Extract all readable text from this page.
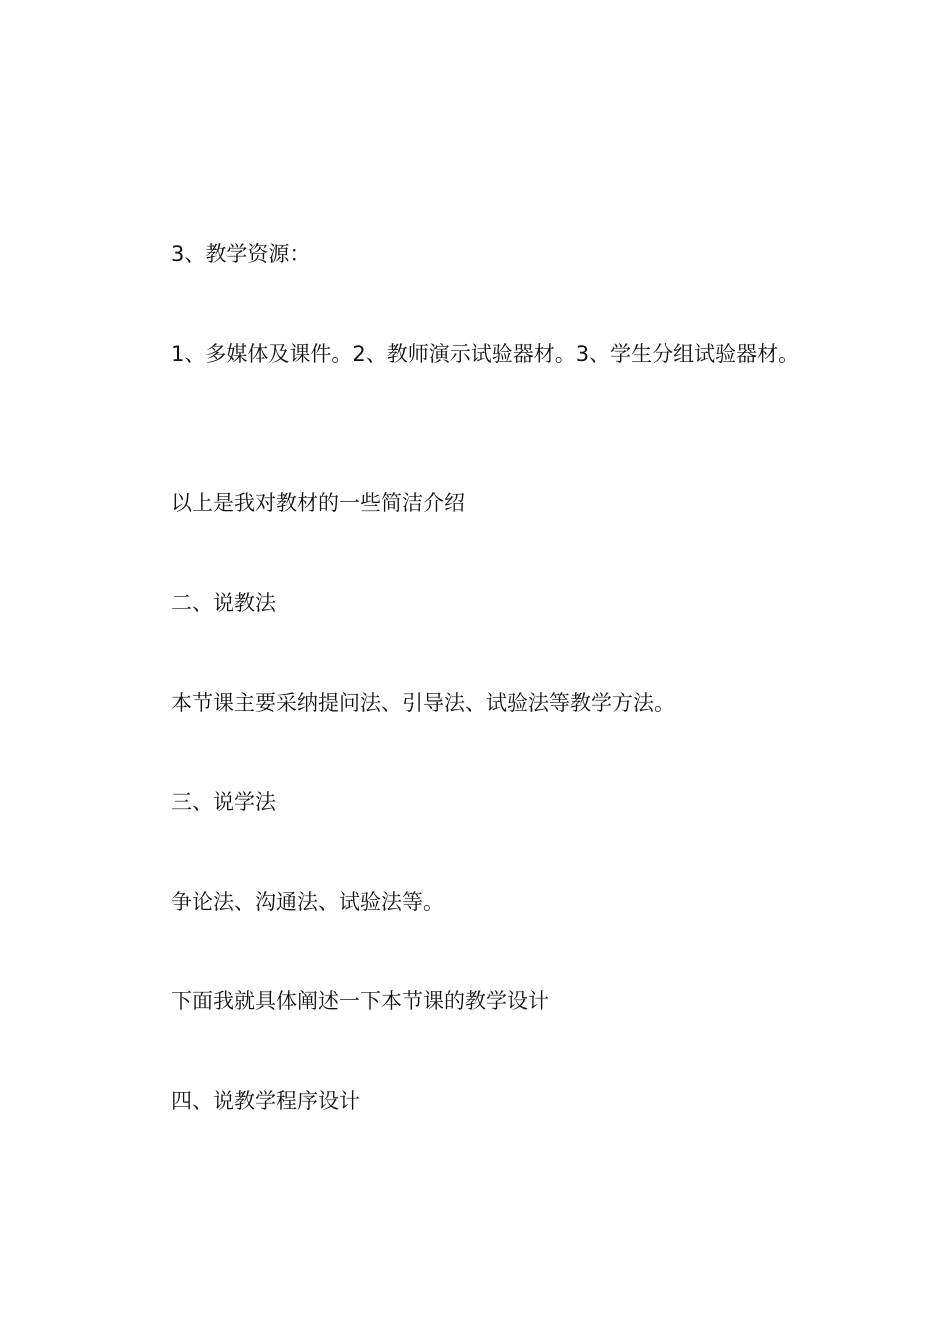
3、教学资源：

1、多媒体及课件。2、教师演示试验器材。3、学生分组试验器材。

以上是我对教材的一些简洁介绍

二、说教法

本节课主要采纳提问法、引导法、试验法等教学方法。

三、说学法

争论法、沟通法、试验法等。

下面我就具体阐述一下本节课的教学设计

四、说教学程序设计
